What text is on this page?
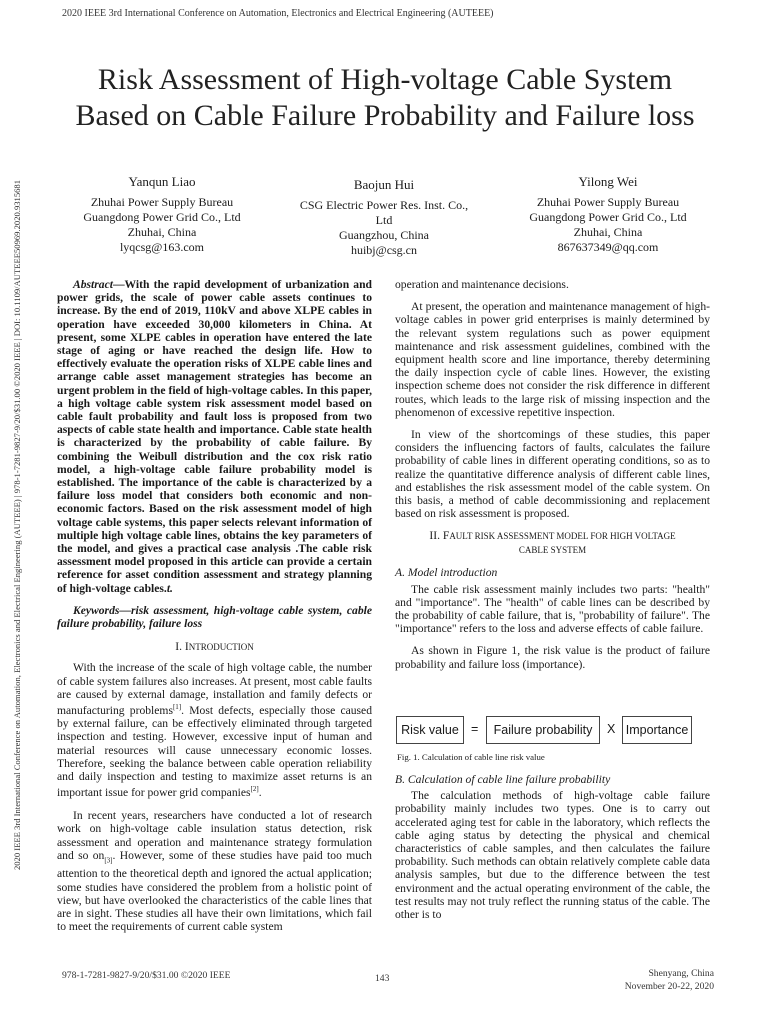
2020 IEEE 3rd International Conference on Automation, Electronics and Electrical Engineering (AUTEEE)
2020 IEEE 3rd International Conference on Automation, Electronics and Electrical Engineering (AUTEEE) | 978-1-7281-9827-9/20/$31.00 ©2020 IEEE | DOI: 10.1109/AUTEEE50969.2020.9315681
Risk Assessment of High-voltage Cable System
Based on Cable Failure Probability and Failure loss
Yanqun Liao
Zhuhai Power Supply Bureau
Guangdong Power Grid Co., Ltd
Zhuhai, China
lyqcsg@163.com
Baojun Hui
CSG Electric Power Res. Inst. Co.,
Ltd
Guangzhou, China
huibj@csg.cn
Yilong Wei
Zhuhai Power Supply Bureau
Guangdong Power Grid Co., Ltd
Zhuhai, China
867637349@qq.com

Abstract—With the rapid development of urbanization and power grids, the scale of power cable assets continues to increase. By the end of 2019, 110kV and above XLPE cables in operation have exceeded 30,000 kilometers in China. At present, some XLPE cables in operation have entered the late stage of aging or have reached the design life. How to effectively evaluate the operation risks of XLPE cable lines and arrange cable asset management strategies has become an urgent problem in the field of high-voltage cables. In this paper, a high voltage cable system risk assessment model based on cable fault probability and fault loss is proposed from two aspects of cable state health and importance. Cable state health is characterized by the probability of cable failure. By combining the Weibull distribution and the cox risk ratio model, a high-voltage cable failure probability model is established. The importance of the cable is characterized by a failure loss model that considers both economic and non-economic factors. Based on the risk assessment model of high voltage cable systems, this paper selects relevant information of multiple high voltage cable lines, obtains the key parameters of the model, and gives a practical case analysis .The cable risk assessment model proposed in this article can provide a certain reference for asset condition assessment and strategy planning of high-voltage cables.t.

Keywords—risk assessment, high-voltage cable system, cable failure probability, failure loss

I. INTRODUCTION

With the increase of the scale of high voltage cable, the number of cable system failures also increases. At present, most cable faults are caused by external damage, installation and family defects or manufacturing problems[1]. Most defects, especially those caused by external failure, can be effectively eliminated through targeted inspection and testing. However, excessive input of human and material resources will cause unnecessary economic losses. Therefore, seeking the balance between cable operation reliability and daily inspection and testing to maximize asset returns is an important issue for power grid companies[2].

In recent years, researchers have conducted a lot of research work on high-voltage cable insulation status detection, risk assessment and operation and maintenance strategy formulation and so $on_{[3]}$. However, some of these studies have paid too much attention to the theoretical depth and ignored the actual application; some studies have considered the problem from a holistic point of view, but have overlooked the characteristics of the cable lines that are in sight. These studies all have their own limitations, which fail to meet the requirements of current cable system

operation and maintenance decisions.

At present, the operation and maintenance management of high-voltage cables in power grid enterprises is mainly determined by the relevant system regulations such as power equipment maintenance and risk assessment guidelines, combined with the equipment health score and line importance, thereby determining the daily inspection cycle of cable lines. However, the existing inspection scheme does not consider the risk difference in different routes, which leads to the large risk of missing inspection and the phenomenon of excessive repetitive inspection.

In view of the shortcomings of these studies, this paper considers the influencing factors of faults, calculates the failure probability of cable lines in different operating conditions, so as to realize the quantitative difference analysis of different cable lines, and establishes the risk assessment model of the cable system. On this basis, a method of cable decommissioning and replacement based on risk assessment is proposed.

II. FAULT RISK ASSESSMENT MODEL FOR HIGH VOLTAGE
CABLE SYSTEM
A. Model introduction

The cable risk assessment mainly includes two parts: "health" and "importance". The "health" of cable lines can be described by the probability of cable failure, that is, "probability of failure". The "importance" refers to the loss and adverse effects of cable failure.

As shown in Figure 1, the risk value is the product of failure probability and failure loss (importance).

Risk value =	Failure probability	X Importance
Fig. 1. Calculation of cable line risk value
B. Calculation of cable line failure probability

The calculation methods of high-voltage cable failure probability mainly includes two types. One is to carry out accelerated aging test for cable in the laboratory, which reflects the cable aging status by detecting the physical and chemical characteristics of cable samples, and then calculates the failure probability. Such methods can obtain relatively complete cable data analysis samples, but due to the difference between the test environment and the actual operating environment of the cable, the test results may not truly reflect the running status of the cable. The other is to

978-1-7281-9827-9/20/$31.00 ©2020 IEEE	143	Shenyang, China
November 20-22, 2020
